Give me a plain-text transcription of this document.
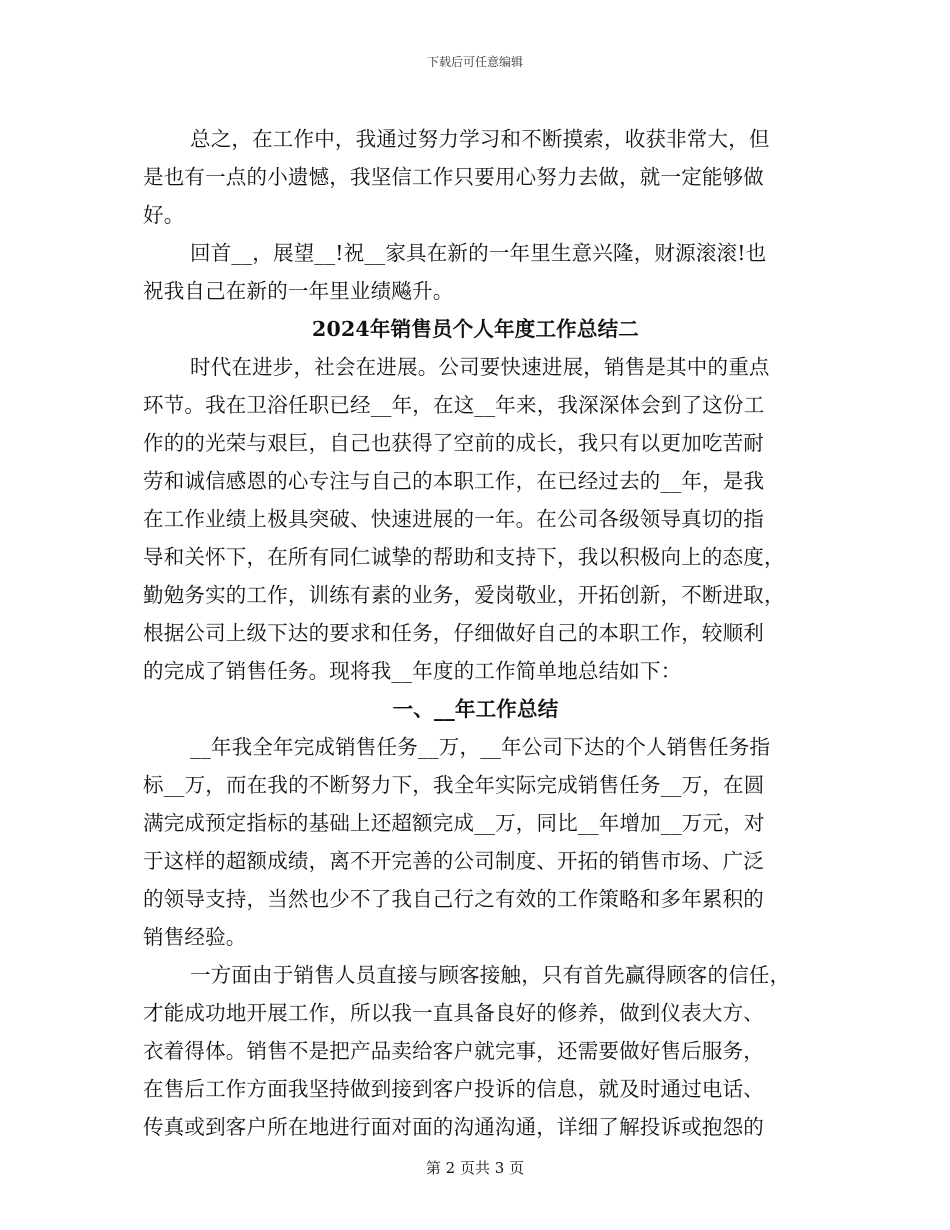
下载后可任意编辑
总之，在工作中，我通过努力学习和不断摸索，收获非常大，但
是也有一点的小遗憾，我坚信工作只要用心努力去做，就一定能够做
好。
回首__，展望__!祝__家具在新的一年里生意兴隆，财源滚滚!也
祝我自己在新的一年里业绩飚升。
2024年销售员个人年度工作总结二
时代在进步，社会在进展。公司要快速进展，销售是其中的重点
环节。我在卫浴任职已经__年，在这__年来，我深深体会到了这份工
作的的光荣与艰巨，自己也获得了空前的成长，我只有以更加吃苦耐
劳和诚信感恩的心专注与自己的本职工作，在已经过去的__年，是我
在工作业绩上极具突破、快速进展的一年。在公司各级领导真切的指
导和关怀下，在所有同仁诚挚的帮助和支持下，我以积极向上的态度，
勤勉务实的工作，训练有素的业务，爱岗敬业，开拓创新，不断进取，
根据公司上级下达的要求和任务，仔细做好自己的本职工作，较顺利
的完成了销售任务。现将我__年度的工作简单地总结如下：
一、__年工作总结
__年我全年完成销售任务__万，__年公司下达的个人销售任务指
标__万，而在我的不断努力下，我全年实际完成销售任务__万，在圆
满完成预定指标的基础上还超额完成__万，同比__年增加__万元，对
于这样的超额成绩，离不开完善的公司制度、开拓的销售市场、广泛
的领导支持，当然也少不了我自己行之有效的工作策略和多年累积的
销售经验。
一方面由于销售人员直接与顾客接触，只有首先赢得顾客的信任，
才能成功地开展工作，所以我一直具备良好的修养，做到仪表大方、
衣着得体。销售不是把产品卖给客户就完事，还需要做好售后服务，
在售后工作方面我坚持做到接到客户投诉的信息，就及时通过电话、
传真或到客户所在地进行面对面的沟通沟通，详细了解投诉或抱怨的
第 2 页共 3 页
